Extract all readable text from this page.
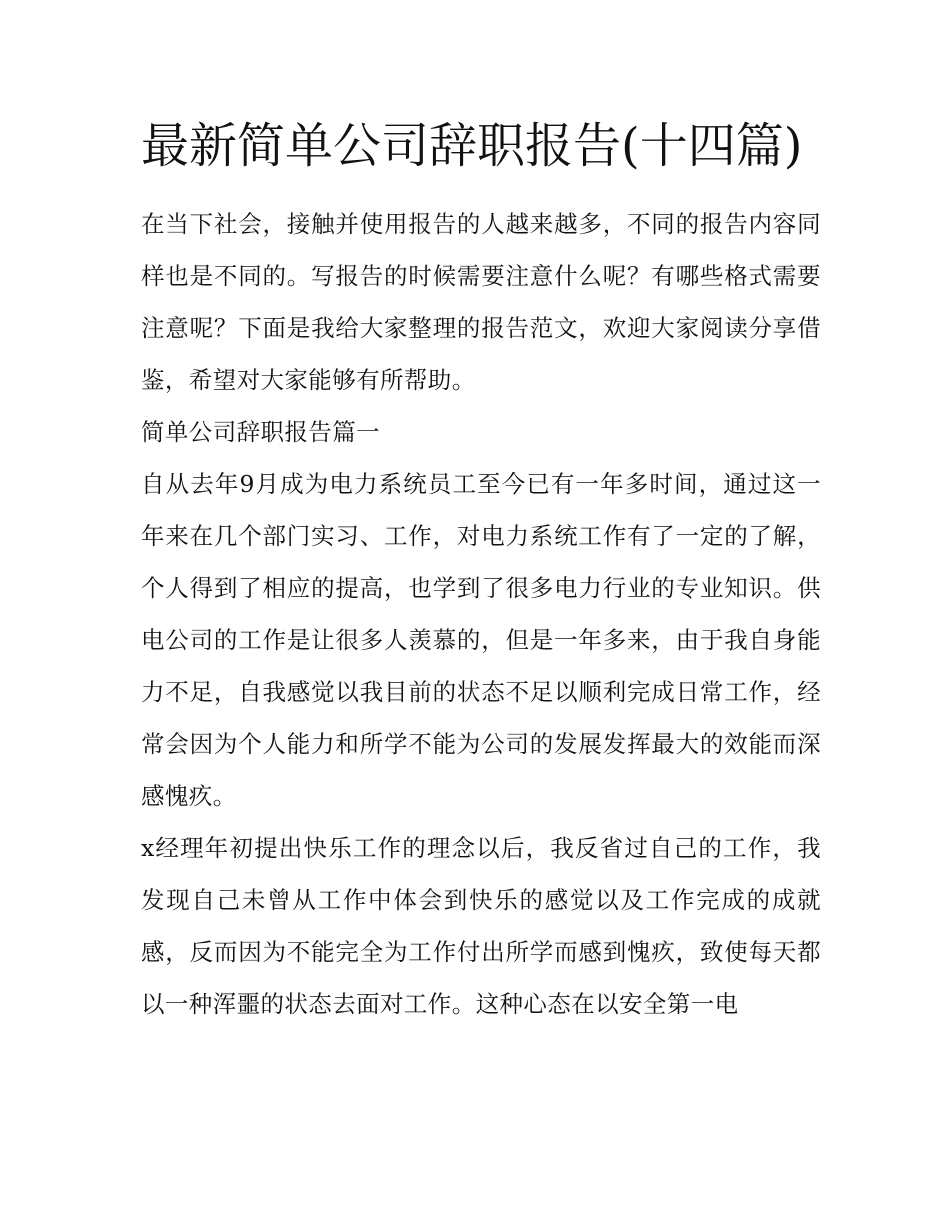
最新简单公司辞职报告(十四篇)

在当下社会，接触并使用报告的人越来越多，不同的报告内容同样也是不同的。写报告的时候需要注意什么呢？有哪些格式需要注意呢？下面是我给大家整理的报告范文，欢迎大家阅读分享借鉴，希望对大家能够有所帮助。

简单公司辞职报告篇一

自从去年9月成为电力系统员工至今已有一年多时间，通过这一年来在几个部门实习、工作，对电力系统工作有了一定的了解，个人得到了相应的提高，也学到了很多电力行业的专业知识。供电公司的工作是让很多人羡慕的，但是一年多来，由于我自身能力不足，自我感觉以我目前的状态不足以顺利完成日常工作，经常会因为个人能力和所学不能为公司的发展发挥最大的效能而深感愧疚。

x经理年初提出快乐工作的理念以后，我反省过自己的工作，我发现自己未曾从工作中体会到快乐的感觉以及工作完成的成就感，反而因为不能完全为工作付出所学而感到愧疚，致使每天都以一种浑噩的状态去面对工作。这种心态在以安全第一电
